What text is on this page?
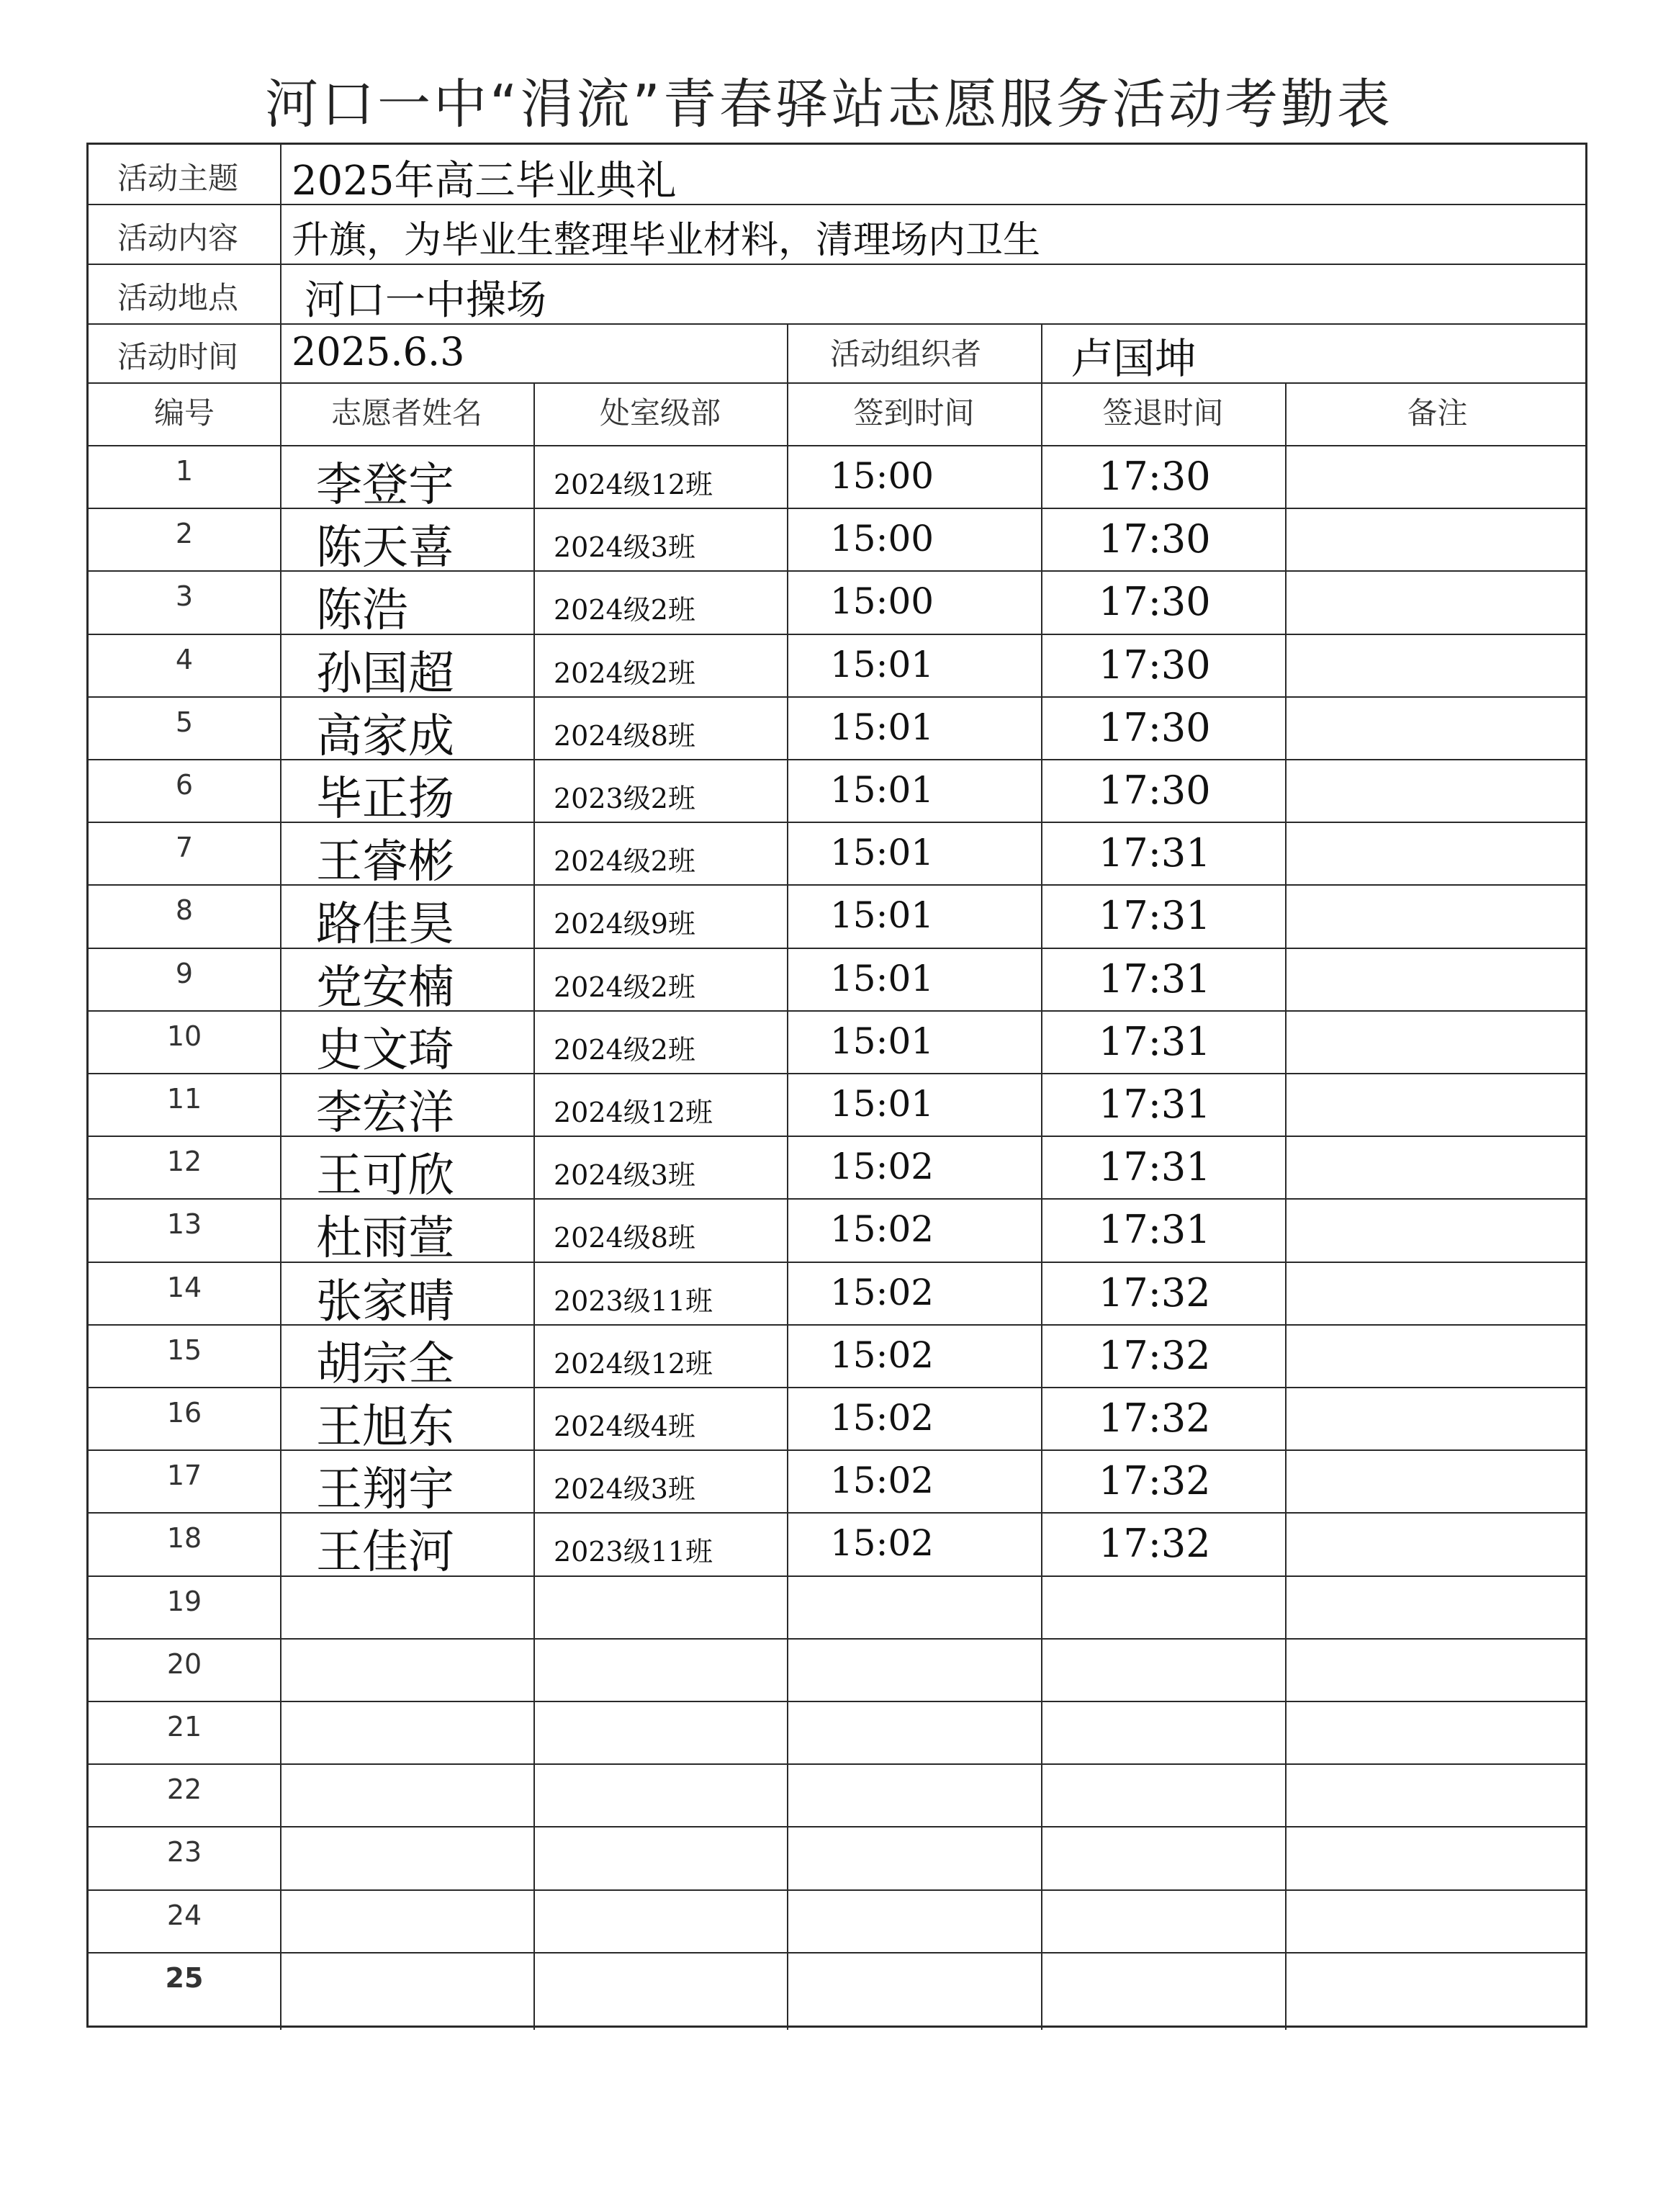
河口一中“涓流”青春驿站志愿服务活动考勤表
活动主题 2025年高三毕业典礼
活动内容 升旗，为毕业生整理毕业材料，清理场内卫生
活动地点 河口一中操场
活动时间 2025.6.3	活动组织者 卢国坤
编号	志愿者姓名	处室级部	签到时间	签退时间	备注
1	李登宇	2024级12班	15:00	17:30
2	陈天喜	2024级3班	15:00	17:30
3	陈浩	2024级2班	15:00	17:30
4	孙国超	2024级2班	15:01	17:30
5	高家成	2024级8班	15:01	17:30
6	毕正扬	2023级2班	15:01	17:30
7	王睿彬	2024级2班	15:01	17:31
8	路佳昊	2024级9班	15:01	17:31
9	党安楠	2024级2班	15:01	17:31
10	史文琦	2024级2班	15:01	17:31
11	李宏洋	2024级12班	15:01	17:31
12	王可欣	2024级3班	15:02	17:31
13	杜雨萱	2024级8班	15:02	17:31
14	张家晴	2023级11班	15:02	17:32
15	胡宗全	2024级12班	15:02	17:32
16	王旭东	2024级4班	15:02	17:32
17	王翔宇	2024级3班	15:02	17:32
18	王佳河	2023级11班	15:02	17:32
19
20
21
22
23
24
25
